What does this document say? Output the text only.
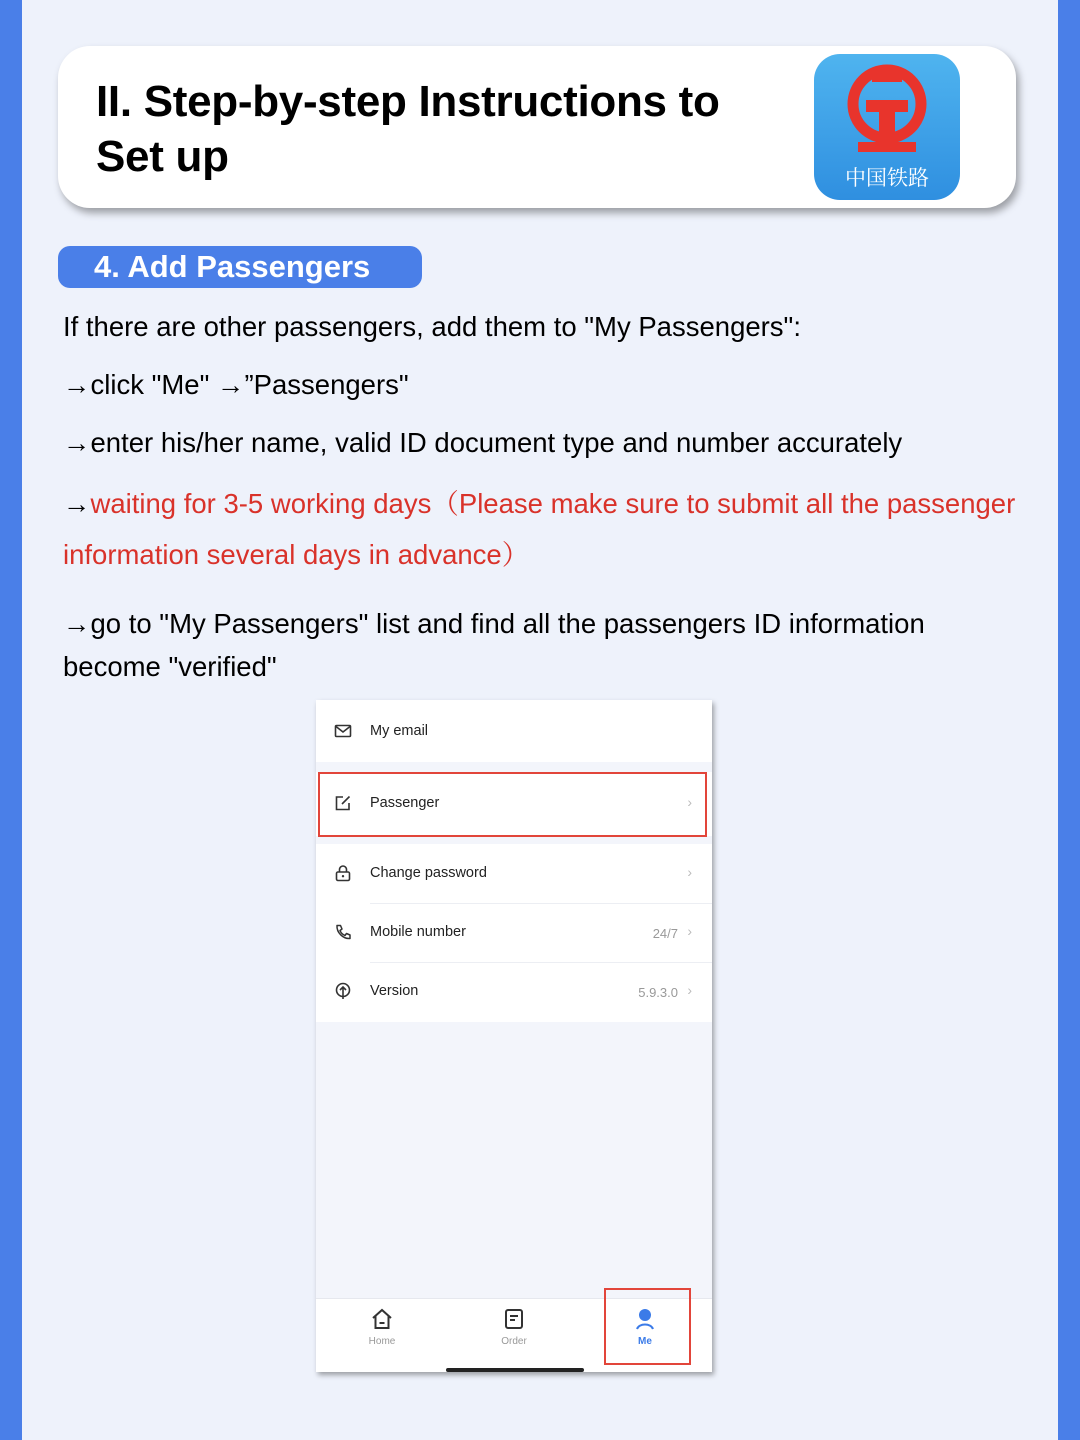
II. Step-by-step Instructions to Set up	中国铁路
4. Add Passengers
If there are other passengers, add them to "My Passengers":
→click "Me" →”Passengers"
→enter his/her name, valid ID document type and number accurately
→waiting for 3-5 working days（Please make sure to submit all the passenger information several days in advance）
→go to "My Passengers" list and find all the passengers ID information become "verified"
My email
Passenger	›
Change password	›
Mobile number	24/7 ›
Version	5.9.3.0 ›
Home	Order	Me
